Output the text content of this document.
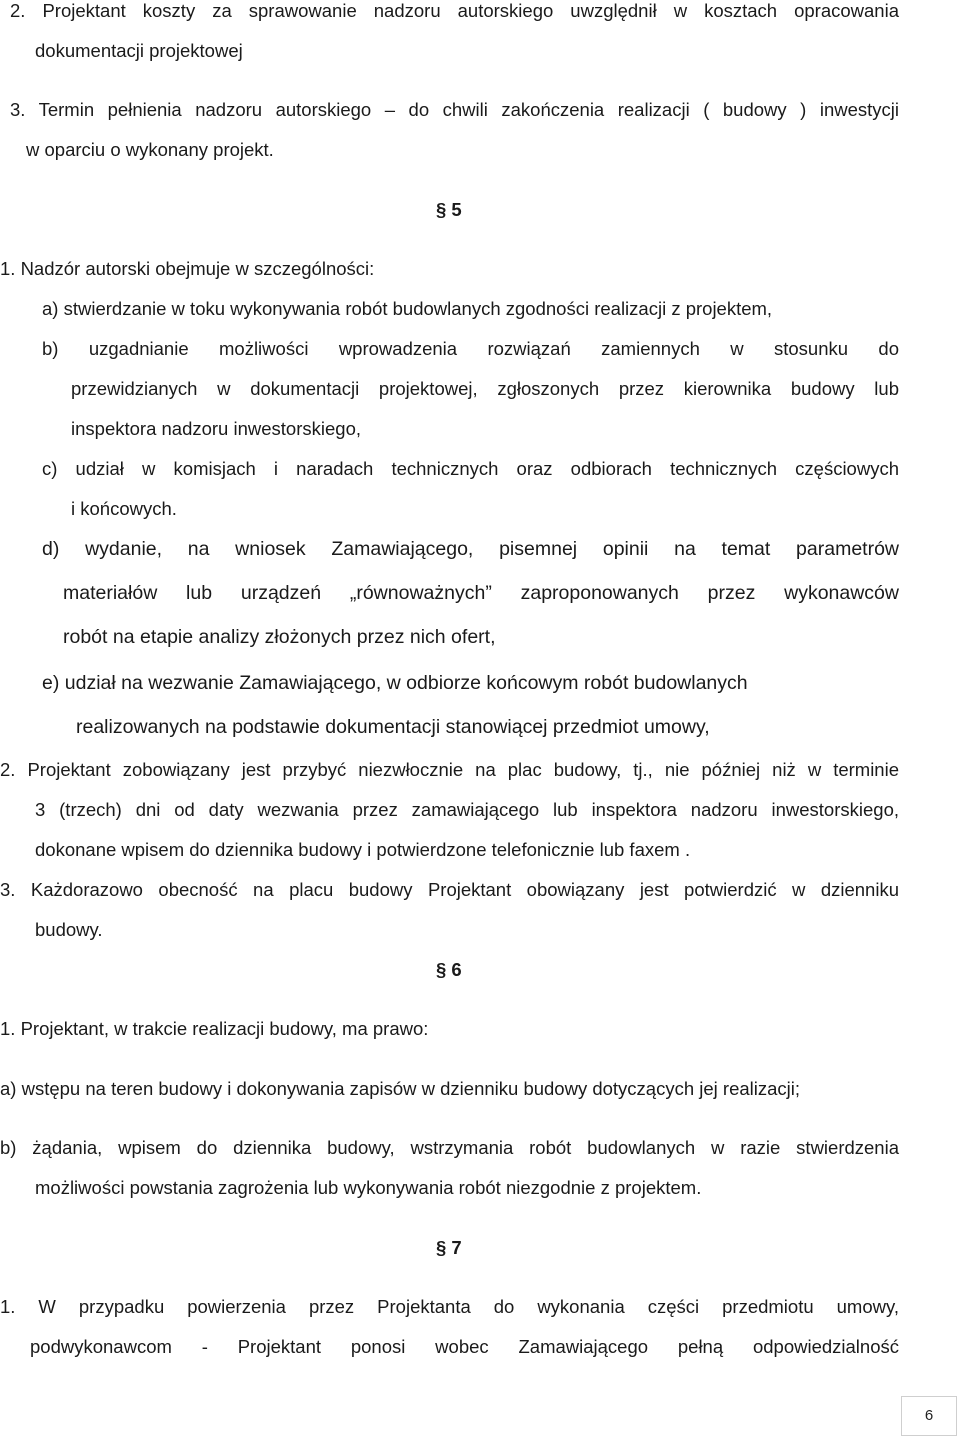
2. Projektant koszty za sprawowanie nadzoru autorskiego uwzględnił w kosztach opracowania
dokumentacji projektowej
3. Termin pełnienia nadzoru autorskiego – do chwili zakończenia realizacji ( budowy ) inwestycji
w oparciu o wykonany projekt.
§ 5
1. Nadzór autorski obejmuje w szczególności:
a) stwierdzanie w toku wykonywania robót budowlanych zgodności realizacji z projektem,
b) uzgadnianie możliwości wprowadzenia rozwiązań zamiennych w stosunku do
przewidzianych w dokumentacji projektowej, zgłoszonych przez kierownika budowy lub
inspektora nadzoru inwestorskiego,
c) udział w komisjach i naradach technicznych oraz odbiorach technicznych częściowych
i końcowych.
d) wydanie, na wniosek Zamawiającego, pisemnej opinii na temat parametrów
materiałów lub urządzeń „równoważnych” zaproponowanych przez wykonawców
robót na etapie analizy złożonych przez nich ofert,
e) udział na wezwanie Zamawiającego, w odbiorze końcowym robót budowlanych
realizowanych na podstawie dokumentacji stanowiącej przedmiot umowy,
2. Projektant zobowiązany jest przybyć niezwłocznie na plac budowy, tj., nie później niż w terminie
3 (trzech) dni od daty wezwania przez zamawiającego lub inspektora nadzoru inwestorskiego,
dokonane wpisem do dziennika budowy i potwierdzone telefonicznie lub faxem .
3. Każdorazowo obecność na placu budowy Projektant obowiązany jest potwierdzić w dzienniku
budowy.
§ 6
1. Projektant, w trakcie realizacji budowy, ma prawo:
a) wstępu na teren budowy i dokonywania zapisów w dzienniku budowy dotyczących jej realizacji;
b) żądania, wpisem do dziennika budowy, wstrzymania robót budowlanych w razie stwierdzenia
możliwości powstania zagrożenia lub wykonywania robót niezgodnie z projektem.
§ 7
1. W przypadku powierzenia przez Projektanta do wykonania części przedmiotu umowy,
podwykonawcom - Projektant ponosi wobec Zamawiającego pełną odpowiedzialność
6
